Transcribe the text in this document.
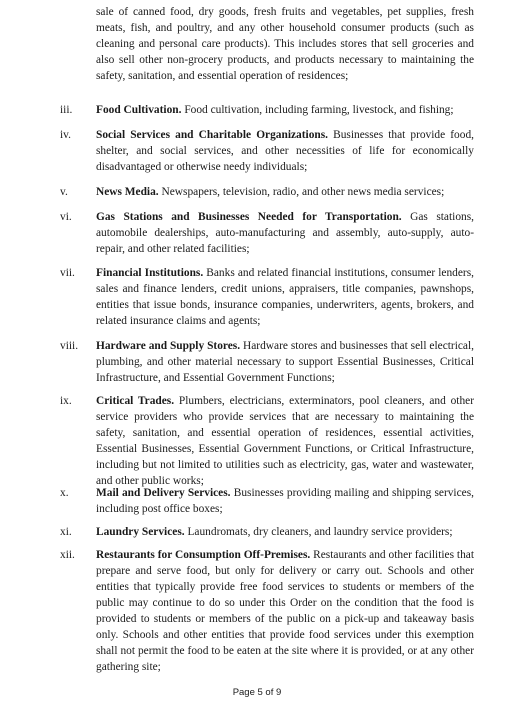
sale of canned food, dry goods, fresh fruits and vegetables, pet supplies, fresh meats, fish, and poultry, and any other household consumer products (such as cleaning and personal care products). This includes stores that sell groceries and also sell other non-grocery products, and products necessary to maintaining the safety, sanitation, and essential operation of residences;

iii.	Food Cultivation. Food cultivation, including farming, livestock, and fishing;
iv.	Social Services and Charitable Organizations. Businesses that provide food, shelter, and social services, and other necessities of life for economically disadvantaged or otherwise needy individuals;
v.	News Media. Newspapers, television, radio, and other news media services;
vi.	Gas Stations and Businesses Needed for Transportation. Gas stations, automobile dealerships, auto-manufacturing and assembly, auto-supply, auto-repair, and other related facilities;
vii.	Financial Institutions. Banks and related financial institutions, consumer lenders, sales and finance lenders, credit unions, appraisers, title companies, pawnshops, entities that issue bonds, insurance companies, underwriters, agents, brokers, and related insurance claims and agents;
viii.	Hardware and Supply Stores. Hardware stores and businesses that sell electrical, plumbing, and other material necessary to support Essential Businesses, Critical Infrastructure, and Essential Government Functions;
ix.	Critical Trades. Plumbers, electricians, exterminators, pool cleaners, and other service providers who provide services that are necessary to maintaining the safety, sanitation, and essential operation of residences, essential activities, Essential Businesses, Essential Government Functions, or Critical Infrastructure, including but not limited to utilities such as electricity, gas, water and wastewater, and other public works;
x.	Mail and Delivery Services. Businesses providing mailing and shipping services, including post office boxes;
xi.	Laundry Services. Laundromats, dry cleaners, and laundry service providers;
xii.	Restaurants for Consumption Off-Premises. Restaurants and other facilities that prepare and serve food, but only for delivery or carry out. Schools and other entities that typically provide free food services to students or members of the public may continue to do so under this Order on the condition that the food is provided to students or members of the public on a pick-up and takeaway basis only. Schools and other entities that provide food services under this exemption shall not permit the food to be eaten at the site where it is provided, or at any other gathering site;
Page 5 of 9
